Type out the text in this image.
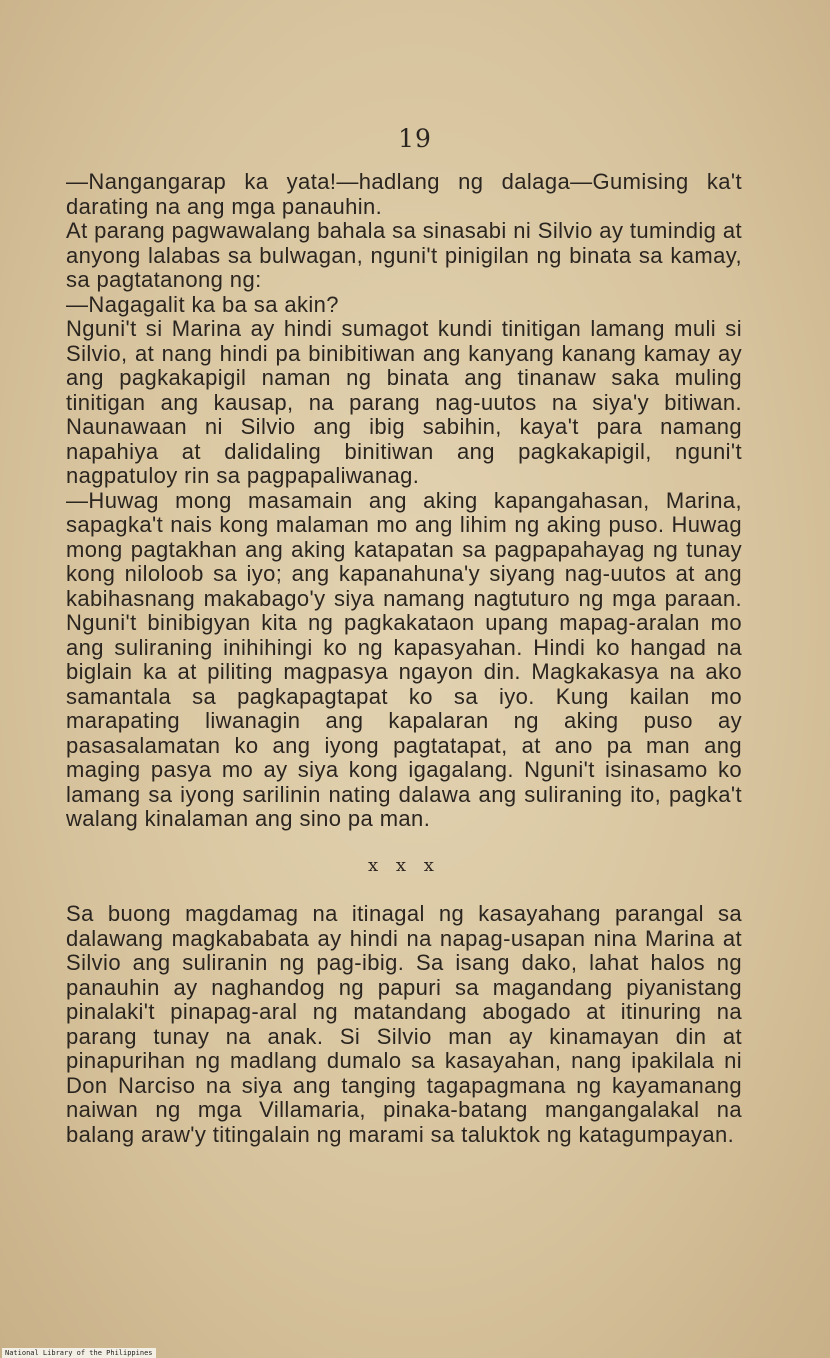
19

—Nangangarap ka yata!—hadlang ng dalaga—Gumising ka't darating na ang mga panauhin.

At parang pagwawalang bahala sa sinasabi ni Silvio ay tumindig at anyong lalabas sa bulwagan, nguni't pinigilan ng binata sa kamay, sa pagtatanong ng:

—Nagagalit ka ba sa akin?

Nguni't si Marina ay hindi sumagot kundi tinitigan lamang muli si Silvio, at nang hindi pa binibitiwan ang kanyang kanang kamay ay ang pagkakapigil naman ng binata ang tinanaw saka muling tinitigan ang kausap, na parang nag-uutos na siya'y bitiwan. Naunawaan ni Silvio ang ibig sabihin, kaya't para namang napahiya at dalidaling binitiwan ang pagkakapigil, nguni't nagpatuloy rin sa pagpapaliwanag.

—Huwag mong masamain ang aking kapangahasan, Marina, sapagka't nais kong malaman mo ang lihim ng aking puso. Huwag mong pagtakhan ang aking katapatan sa pagpapahayag ng tunay kong niloloob sa iyo; ang kapanahuna'y siyang nag-uutos at ang kabihasnang makabago'y siya namang nagtuturo ng mga paraan. Nguni't binibigyan kita ng pagkakataon upang mapag-aralan mo ang suliraning inihihingi ko ng kapasyahan. Hindi ko hangad na biglain ka at piliting magpasya ngayon din. Magkakasya na ako samantala sa pagkapagtapat ko sa iyo. Kung kailan mo marapating liwanagin ang kapalaran ng aking puso ay pasasalamatan ko ang iyong pagtatapat, at ano pa man ang maging pasya mo ay siya kong igagalang. Nguni't isinasamo ko lamang sa iyong sarilinin nating dalawa ang suliraning ito, pagka't walang kinalaman ang sino pa man.

x x x

Sa buong magdamag na itinagal ng kasayahang parangal sa dalawang magkababata ay hindi na napag-usapan nina Marina at Silvio ang suliranin ng pag-ibig. Sa isang dako, lahat halos ng panauhin ay naghandog ng papuri sa magandang piyanistang pinalaki't pinapag-aral ng matandang abogado at itinuring na parang tunay na anak. Si Silvio man ay kinamayan din at pinapurihan ng madlang dumalo sa kasayahan, nang ipakilala ni Don Narciso na siya ang tanging tagapagmana ng kayamanang naiwan ng mga Villamaria, pinaka-batang mangangalakal na balang araw'y titingalain ng marami sa taluktok ng katagumpayan.

National Library of the Philippines
